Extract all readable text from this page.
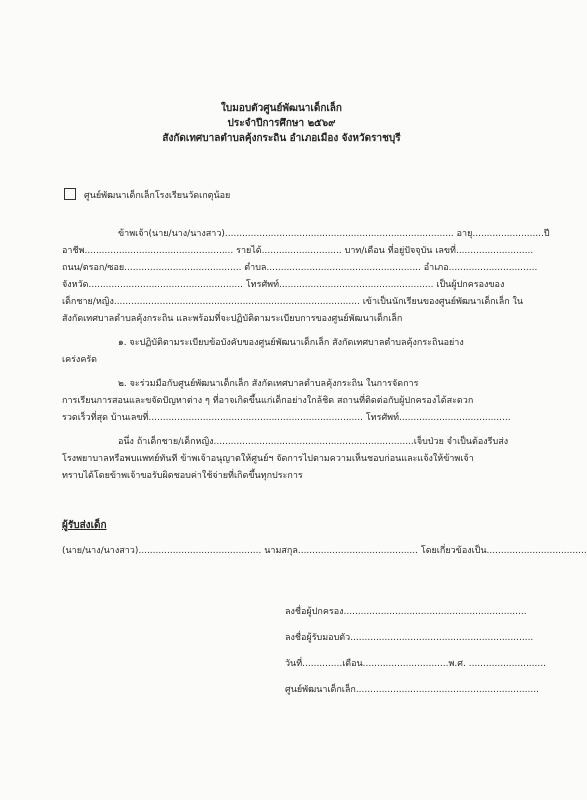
ใบมอบตัวศูนย์พัฒนาเด็กเล็ก
ประจำปีการศึกษา ๒๕๖๙
สังกัดเทศบาลตำบลคุ้งกระถิน อำเภอเมือง จังหวัดราชบุรี
ศูนย์พัฒนาเด็กเล็กโรงเรียนวัดเกตุน้อย
ข้าพเจ้า(นาย/นาง/นางสาว)................................................................................ อายุ.........................ปี
อาชีพ.................................................... รายได้............................ บาท/เดือน ที่อยู่ปัจจุบัน เลขที่...........................
ถนน/ตรอก/ซอย......................................... ตำบล...................................................... อำเภอ...............................
จังหวัด...................................................... โทรศัพท์...................................................... เป็นผู้ปกครองของ
เด็กชาย/หญิง...................................................................................... เข้าเป็นนักเรียนของศูนย์พัฒนาเด็กเล็ก ใน
สังกัดเทศบาลตำบลคุ้งกระถิน และพร้อมที่จะปฏิบัติตามระเบียบการของศูนย์พัฒนาเด็กเล็ก
๑. จะปฏิบัติตามระเบียบข้อบังคับของศูนย์พัฒนาเด็กเล็ก สังกัดเทศบาลตำบลคุ้งกระถินอย่าง
เคร่งครัด
๒. จะร่วมมือกับศูนย์พัฒนาเด็กเล็ก สังกัดเทศบาลตำบลคุ้งกระถิน ในการจัดการ
การเรียนการสอนและขจัดปัญหาต่าง ๆ ที่อาจเกิดขึ้นแก่เด็กอย่างใกล้ชิด สถานที่ติดต่อกับผู้ปกครองได้สะดวก
รวดเร็วที่สุด บ้านเลขที่........................................................................... โทรศัพท์.......................................
อนึ่ง ถ้าเด็กชาย/เด็กหญิง......................................................................เจ็บป่วย จำเป็นต้องรีบส่ง
โรงพยาบาลหรือพบแพทย์ทันที ข้าพเจ้าอนุญาตให้ศูนย์ฯ จัดการไปตามความเห็นชอบก่อนและแจ้งให้ข้าพเจ้า
ทราบได้โดยข้าพเจ้าขอรับผิดชอบค่าใช้จ่ายที่เกิดขึ้นทุกประการ
ผู้รับส่งเด็ก
(นาย/นาง/นางสาว)........................................... นามสกุล.......................................... โดยเกี่ยวข้องเป็น...................................
ลงชื่อผู้ปกครอง................................................................
ลงชื่อผู้รับมอบตัว................................................................
วันที่..............เดือน..............................พ.ศ. ...........................
ศูนย์พัฒนาเด็กเล็ก................................................................
